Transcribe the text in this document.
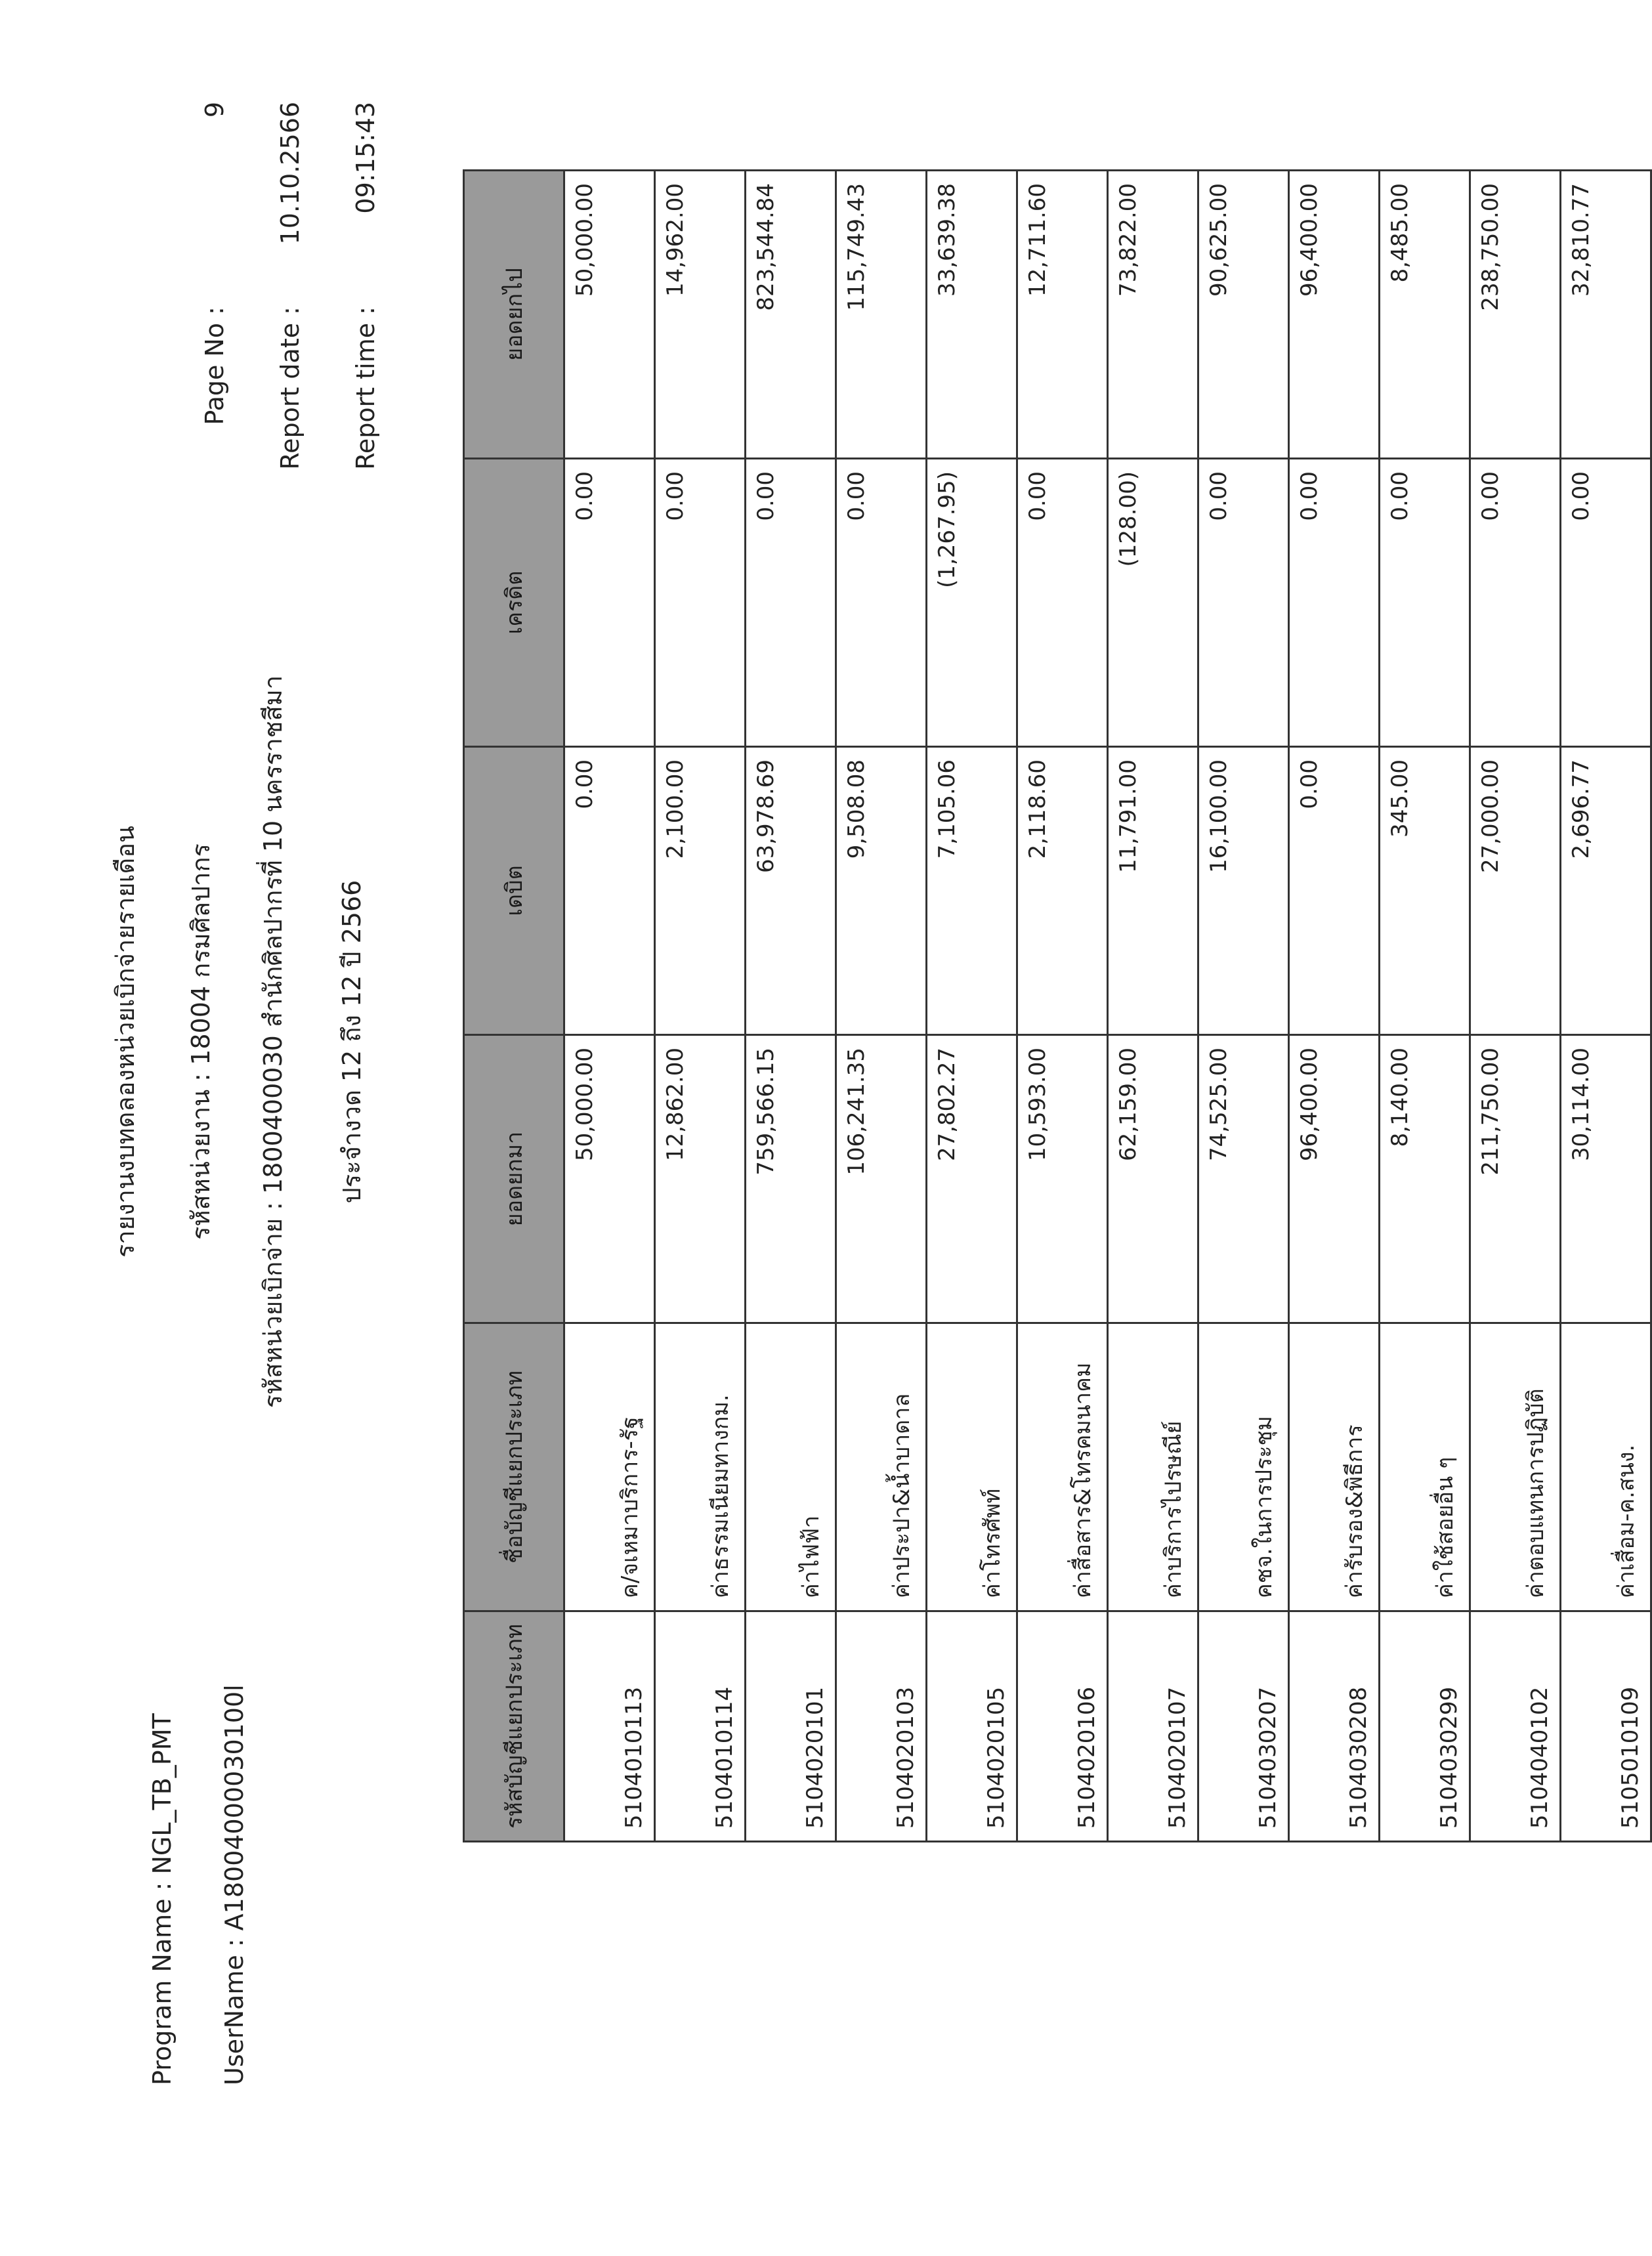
Program Name : NGL_TB_PMT UserName : A18004000030100l
รายงานงบทดลองหน่วยเบิกจ่ายรายเดือน รหัสหน่วยงาน : 18004 กรมศิลปากร รหัสหน่วยเบิกจ่าย : 1800400030 สำนักศิลปากรที่ 10 นครราชสีมา ประจำงวด 12 ถึง 12 ปี 2566
Page No : 9
Report date : 10.10.2566
Report time : 09:15:43
รหัสบัญชีแยกประเภท	ชื่อบัญชีแยกประเภท	ยอดยกมา	เดบิต	เครดิต	ยอดยกไป
5104010113	ค/จเหมาบริการ-รัฐ	50,000.00	0.00	0.00	50,000.00
5104010114	ค่าธรรมเนียมทางกม.	12,862.00	2,100.00	0.00	14,962.00
5104020101	ค่าไฟฟ้า	759,566.15	63,978.69	0.00	823,544.84
5104020103	ค่าประปา&น้ำบาดาล	106,241.35	9,508.08	0.00	115,749.43
5104020105	ค่าโทรศัพท์	27,802.27	7,105.06	(1,267.95)	33,639.38
5104020106	ค่าสื่อสาร&โทรคมนาคม	10,593.00	2,118.60	0.00	12,711.60
5104020107	ค่าบริการไปรษณีย์	62,159.00	11,791.00	(128.00)	73,822.00
5104030207	คชจ.ในการประชุม	74,525.00	16,100.00	0.00	90,625.00
5104030208	ค่ารับรอง&พิธีการ	96,400.00	0.00	0.00	96,400.00
5104030299	ค่าใช้สอยอื่น ๆ	8,140.00	345.00	0.00	8,485.00
5104040102	ค่าตอบแทนการปฏิบัติ	211,750.00	27,000.00	0.00	238,750.00
5105010109	ค่าเสื่อม-ค.สนง.	30,114.00	2,696.77	0.00	32,810.77
